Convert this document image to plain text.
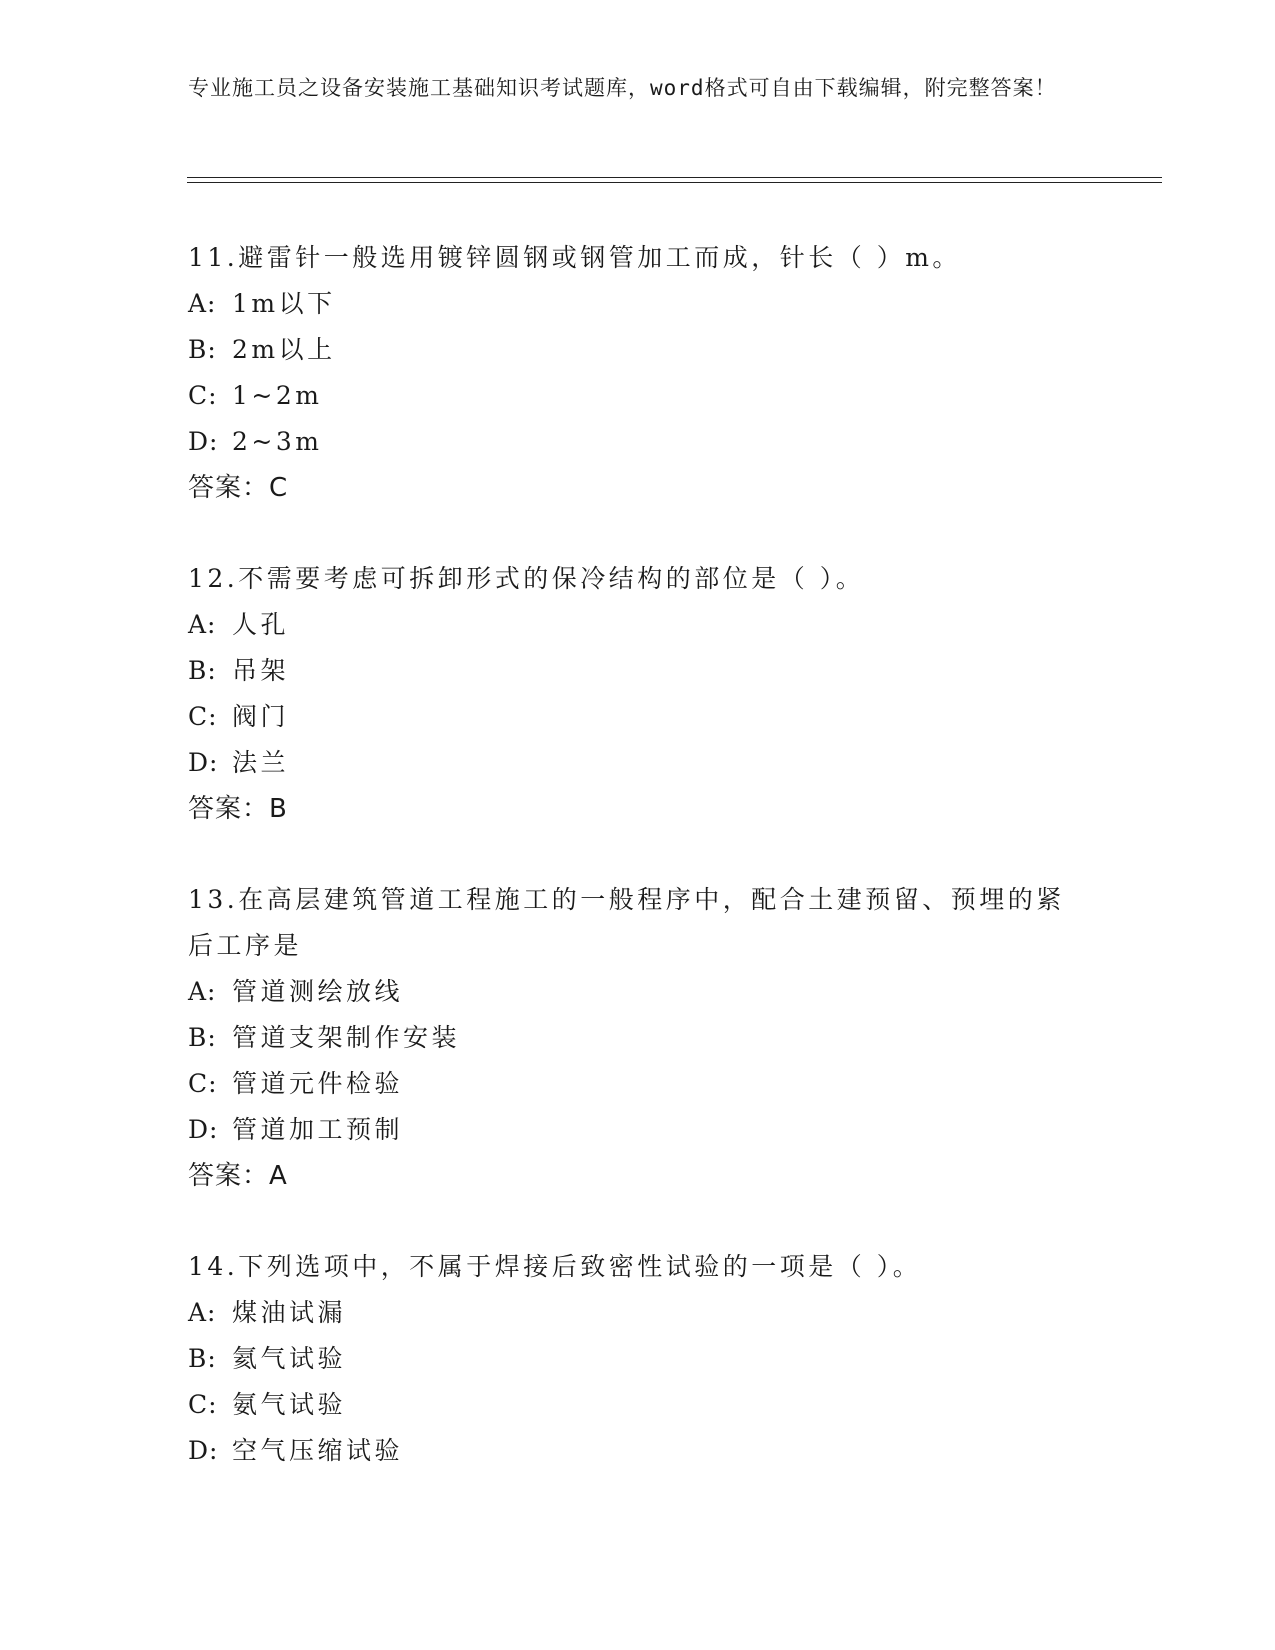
专业施工员之设备安装施工基础知识考试题库，word格式可自由下载编辑，附完整答案！
11.避雷针一般选用镀锌圆钢或钢管加工而成，针长（ ）m。
A: 1m以下
B: 2m以上
C: 1~2m
D: 2~3m
答案：C
12.不需要考虑可拆卸形式的保冷结构的部位是（ ）。
A: 人孔
B: 吊架
C: 阀门
D: 法兰
答案：B
13.在高层建筑管道工程施工的一般程序中，配合土建预留、预埋的紧后工序是
A: 管道测绘放线
B: 管道支架制作安装
C: 管道元件检验
D: 管道加工预制
答案：A
14.下列选项中，不属于焊接后致密性试验的一项是（ ）。
A: 煤油试漏
B: 氦气试验
C: 氨气试验
D: 空气压缩试验
